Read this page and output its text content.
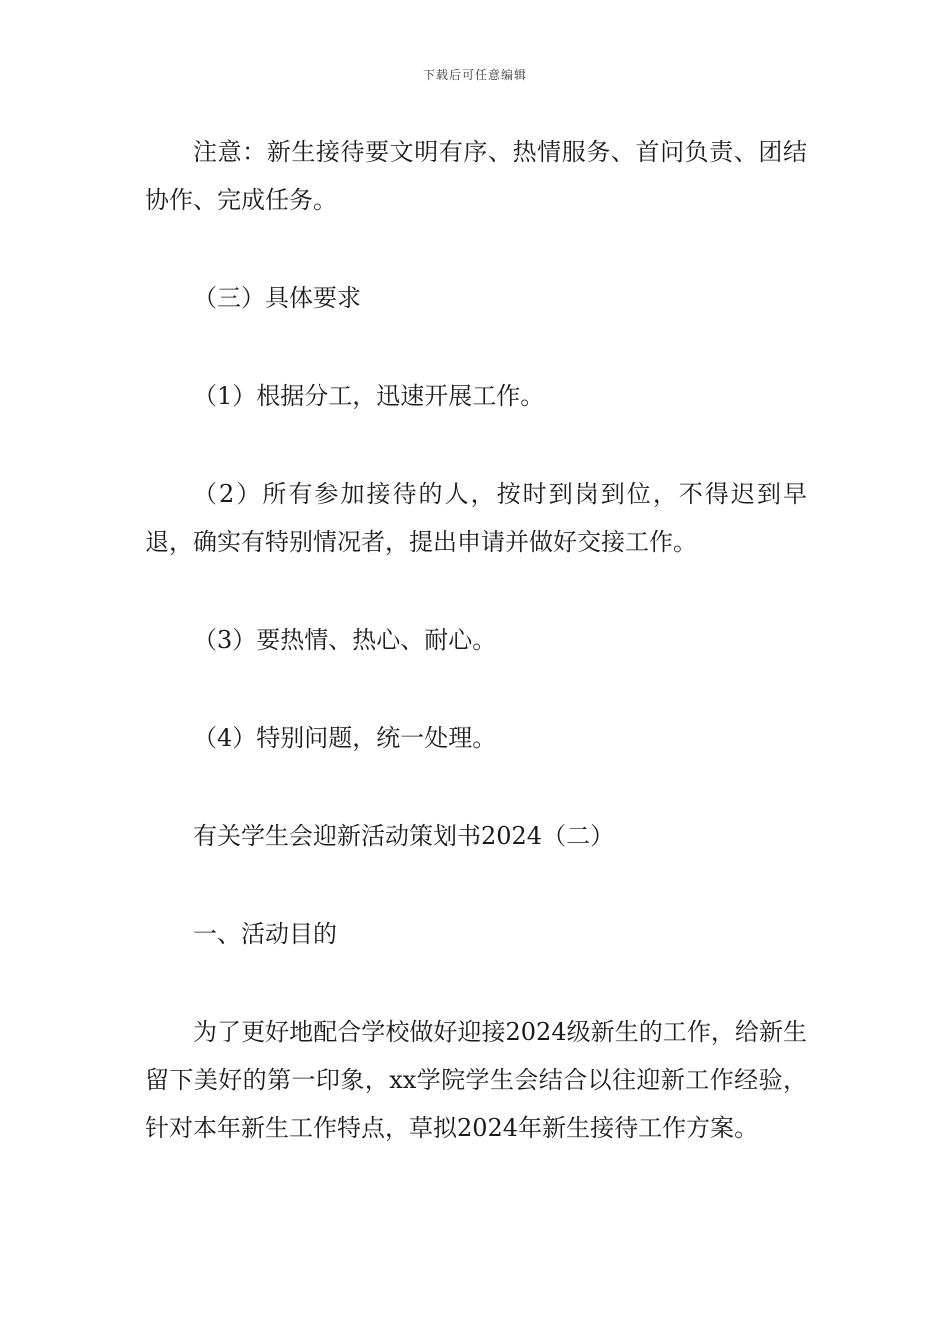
下载后可任意编辑

注意：新生接待要文明有序、热情服务、首问负责、团结协作、完成任务。

（三）具体要求

（1）根据分工，迅速开展工作。

（2）所有参加接待的人，按时到岗到位，不得迟到早退，确实有特别情况者，提出申请并做好交接工作。

（3）要热情、热心、耐心。

（4）特别问题，统一处理。

有关学生会迎新活动策划书2024（二）

一、活动目的

为了更好地配合学校做好迎接2024级新生的工作，给新生留下美好的第一印象，xx学院学生会结合以往迎新工作经验，针对本年新生工作特点，草拟2024年新生接待工作方案。
